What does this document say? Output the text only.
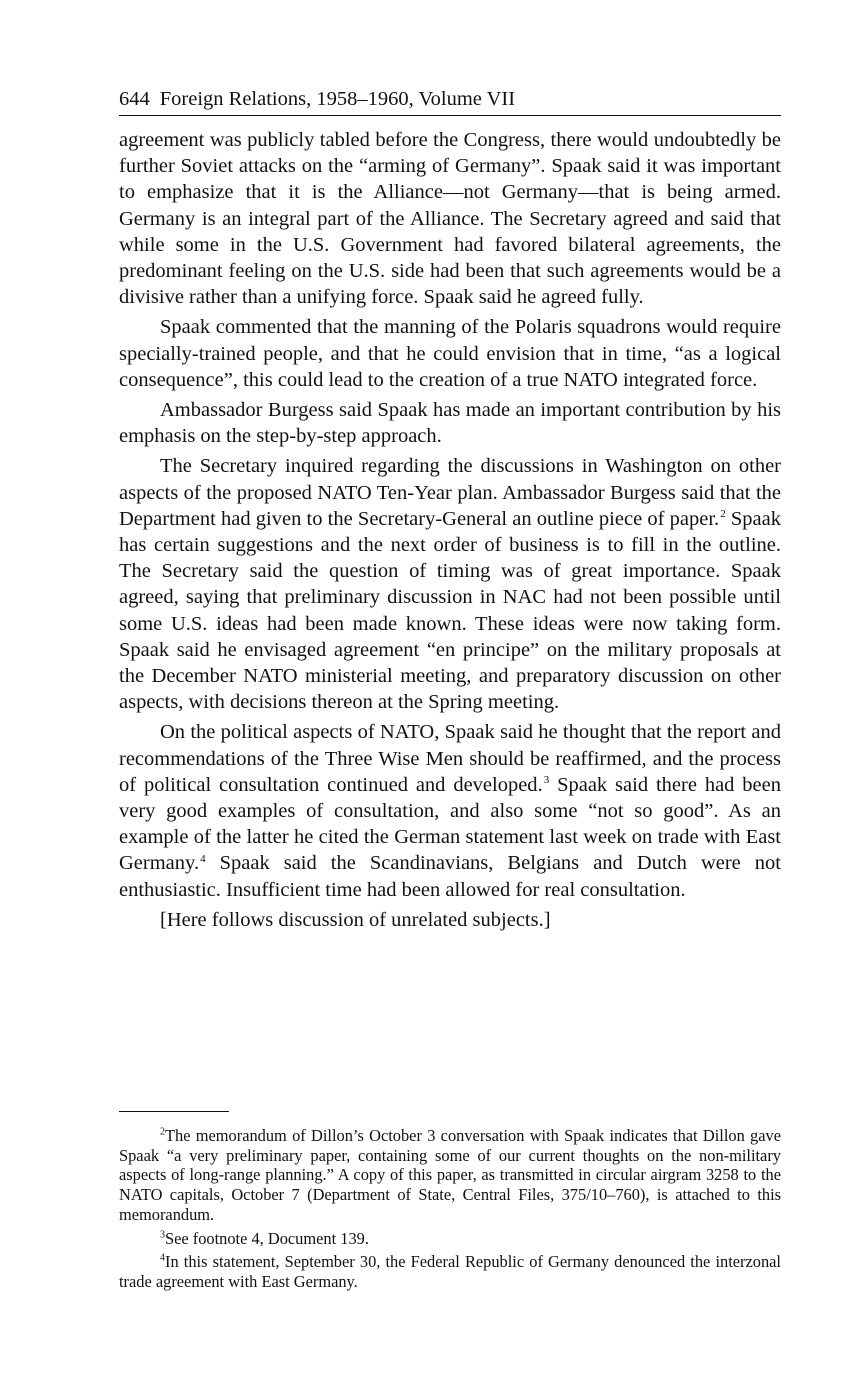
644 Foreign Relations, 1958–1960, Volume VII

agreement was publicly tabled before the Congress, there would undoubtedly be further Soviet attacks on the “arming of Germany”. Spaak said it was important to emphasize that it is the Alliance—not Germany—that is being armed. Germany is an integral part of the Alliance. The Secretary agreed and said that while some in the U.S. Government had favored bilateral agreements, the predominant feeling on the U.S. side had been that such agreements would be a divisive rather than a unifying force. Spaak said he agreed fully.

Spaak commented that the manning of the Polaris squadrons would require specially-trained people, and that he could envision that in time, “as a logical consequence”, this could lead to the creation of a true NATO integrated force.

Ambassador Burgess said Spaak has made an important contribution by his emphasis on the step-by-step approach.

The Secretary inquired regarding the discussions in Washington on other aspects of the proposed NATO Ten-Year plan. Ambassador Burgess said that the Department had given to the Secretary-General an outline piece of paper.$^2$ Spaak has certain suggestions and the next order of business is to fill in the outline. The Secretary said the question of timing was of great importance. Spaak agreed, saying that preliminary discussion in NAC had not been possible until some U.S. ideas had been made known. These ideas were now taking form. Spaak said he envisaged agreement “en principe” on the military proposals at the December NATO ministerial meeting, and preparatory discussion on other aspects, with decisions thereon at the Spring meeting.

On the political aspects of NATO, Spaak said he thought that the report and recommendations of the Three Wise Men should be reaffirmed, and the process of political consultation continued and developed.$^3$ Spaak said there had been very good examples of consultation, and also some “not so good”. As an example of the latter he cited the German statement last week on trade with East Germany.$^4$ Spaak said the Scandinavians, Belgians and Dutch were not enthusiastic. Insufficient time had been allowed for real consultation.

[Here follows discussion of unrelated subjects.]

$^2$The memorandum of Dillon’s October 3 conversation with Spaak indicates that Dillon gave Spaak “a very preliminary paper, containing some of our current thoughts on the non-military aspects of long-range planning.” A copy of this paper, as transmitted in circular airgram 3258 to the NATO capitals, October 7 (Department of State, Central Files, 375/10–760), is attached to this memorandum.

$^3$See footnote 4, Document 139.

$^4$In this statement, September 30, the Federal Republic of Germany denounced the interzonal trade agreement with East Germany.
